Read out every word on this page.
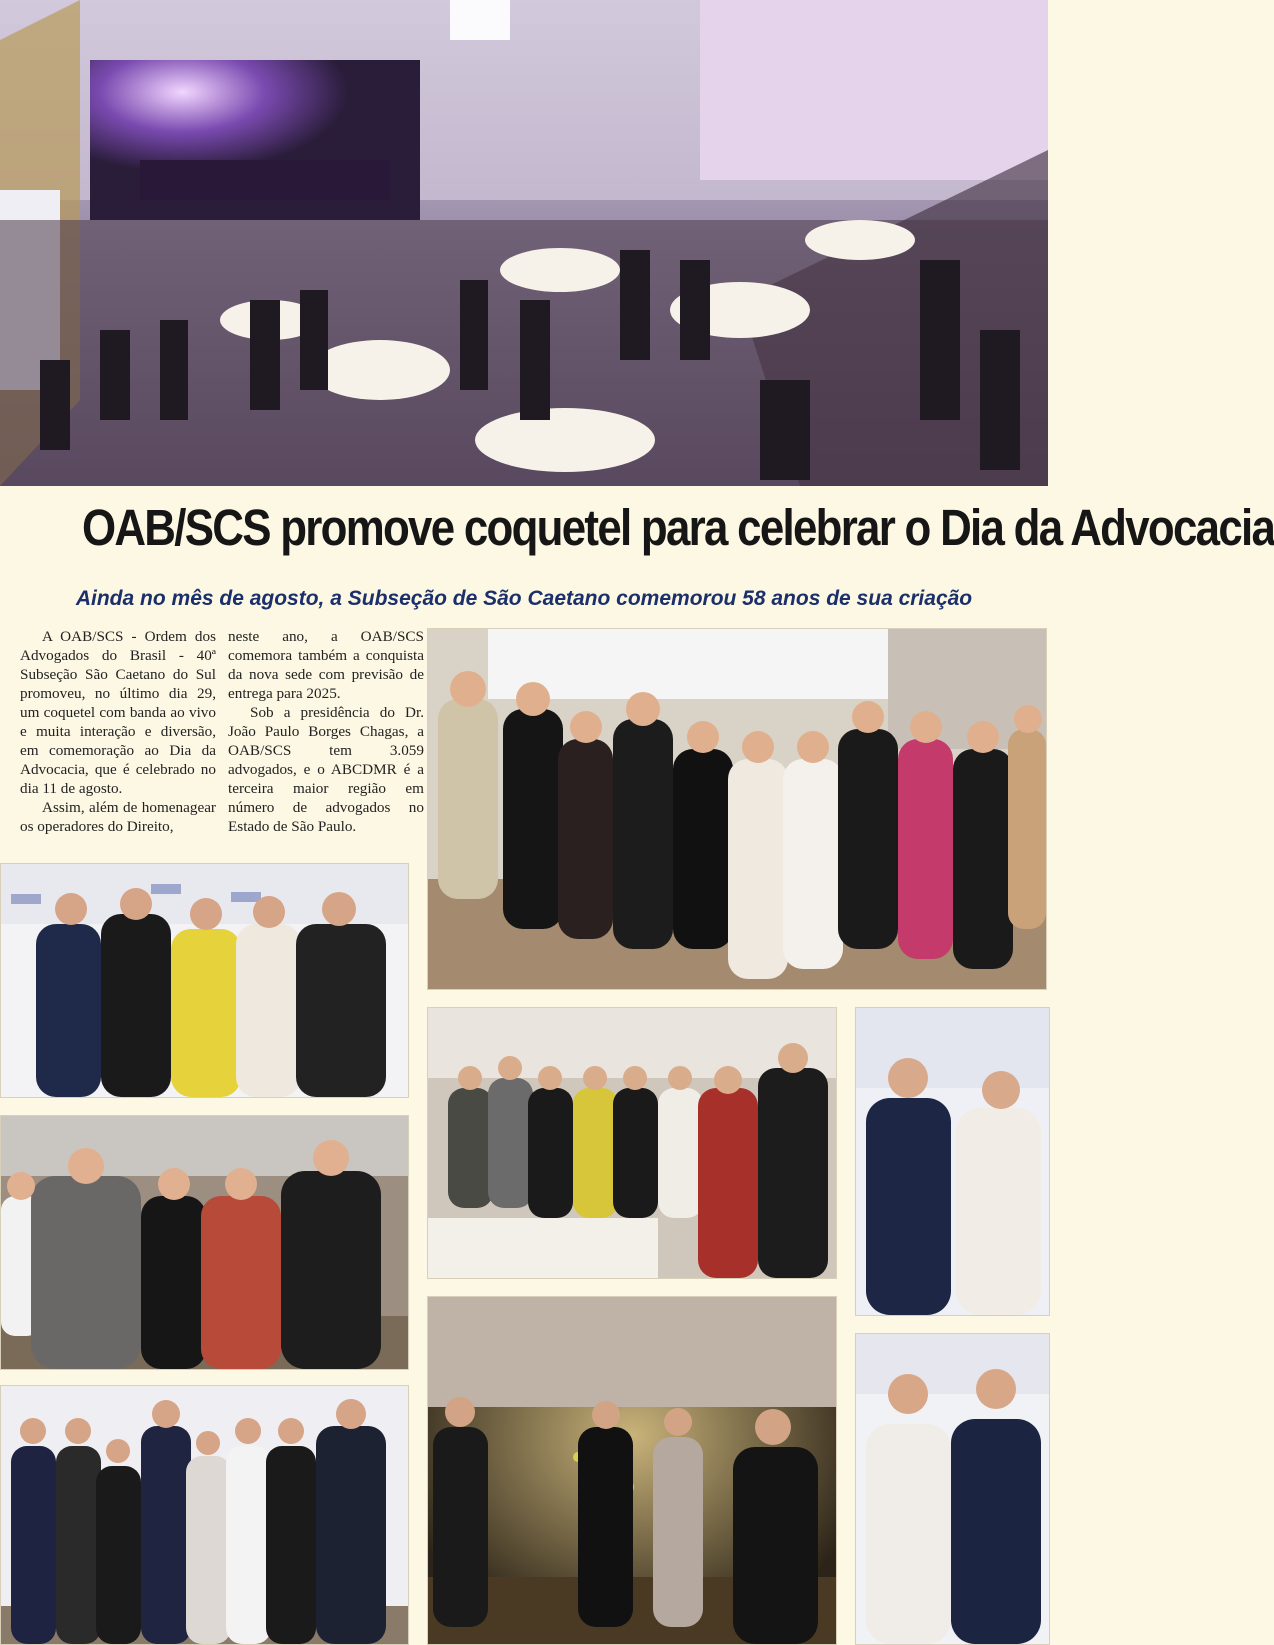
OAB/SCS promove coquetel para celebrar o Dia da Advocacia
Ainda no mês de agosto, a Subseção de São Caetano comemorou 58 anos de sua criação

A OAB/SCS - Ordem dos Advogados do Brasil - 40ª Subseção São Caetano do Sul promoveu, no último dia 29, um coquetel com banda ao vivo e muita interação e diversão, em comemoração ao Dia da Advocacia, que é celebrado no dia 11 de agosto.

Assim, além de homenagear os operadores do Direito,

neste ano, a OAB/SCS comemora também a conquista da nova sede com previsão de entrega para 2025.

Sob a presidência do Dr. João Paulo Borges Chagas, a OAB/SCS tem 3.059 advogados, e o ABCDMR é a terceira maior região em número de advogados no Estado de São Paulo.
